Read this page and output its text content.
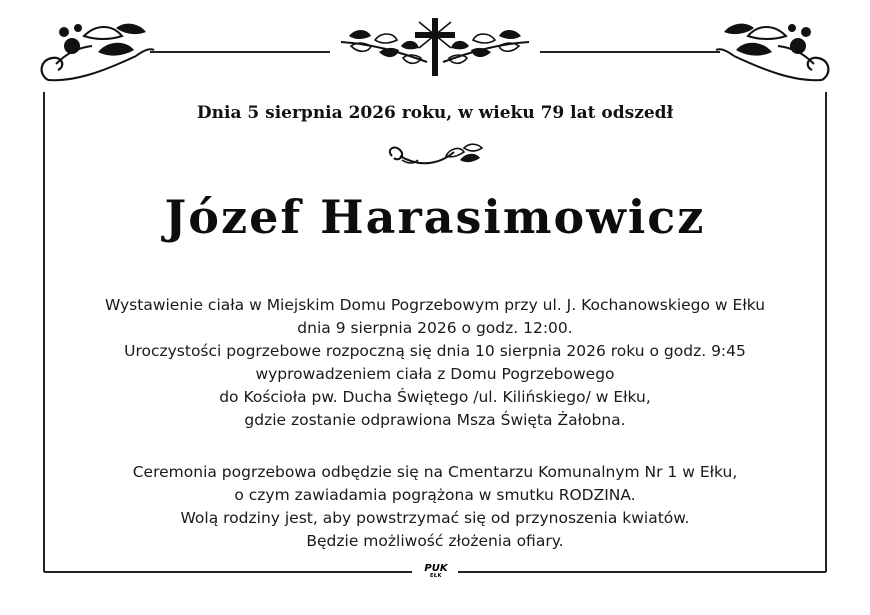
Dnia 5 sierpnia 2026 roku, w wieku 79 lat odszedł
Józef Harasimowicz
Wystawienie ciała w Miejskim Domu Pogrzebowym przy ul. J. Kochanowskiego w Ełku
dnia 9 sierpnia 2026 o godz. 12:00.
Uroczystości pogrzebowe rozpoczną się dnia 10 sierpnia 2026 roku o godz. 9:45
wyprowadzeniem ciała z Domu Pogrzebowego
do Kościoła pw. Ducha Świętego /ul. Kilińskiego/ w Ełku,
gdzie zostanie odprawiona Msza Święta Żałobna.
Ceremonia pogrzebowa odbędzie się na Cmentarzu Komunalnym Nr 1 w Ełku,
o czym zawiadamia pogrążona w smutku RODZINA.
Wolą rodziny jest, aby powstrzymać się od przynoszenia kwiatów.
Będzie możliwość złożenia ofiary.
PUK
EŁK
